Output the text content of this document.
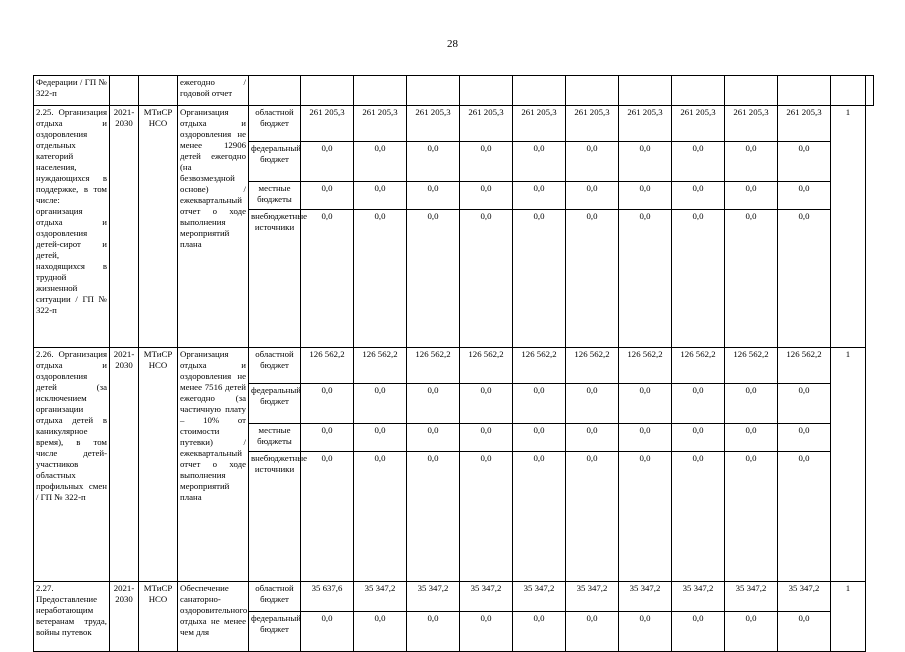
28
Федерации / ГП № 322-п			ежегодно / годовой отчет													
2.25. Организация отдыха и оздоровления отдельных категорий населения, нуждающихся в поддержке, в том числе: организация отдыха и оздоровления детей-сирот и детей, находящихся в трудной жизненной ситуации / ГП № 322-п	2021-2030	МТиСР НСО	Организация отдыха и оздоровления не менее 12906 детей ежегодно (на безвозмездной основе) / ежеквартальный отчет о ходе выполнения мероприятий плана	областной бюджет	261 205,3	261 205,3	261 205,3	261 205,3	261 205,3	261 205,3	261 205,3	261 205,3	261 205,3	261 205,3	1	
				федеральный бюджет	0,0	0,0	0,0	0,0	0,0	0,0	0,0	0,0	0,0	0,0		
				местные бюджеты	0,0	0,0	0,0	0,0	0,0	0,0	0,0	0,0	0,0	0,0		
				внебюджетные источники	0,0	0,0	0,0	0,0	0,0	0,0	0,0	0,0	0,0	0,0		
2.26. Организация отдыха и оздоровления детей (за исключением организации отдыха детей в каникулярное время), в том числе детей-участников областных профильных смен / ГП № 322-п	2021-2030	МТиСР НСО	Организация отдыха и оздоровления не менее 7516 детей ежегодно (за частичную плату – 10% от стоимости путевки) / ежеквартальный отчет о ходе выполнения мероприятий плана	областной бюджет	126 562,2	126 562,2	126 562,2	126 562,2	126 562,2	126 562,2	126 562,2	126 562,2	126 562,2	126 562,2	1	
				федеральный бюджет	0,0	0,0	0,0	0,0	0,0	0,0	0,0	0,0	0,0	0,0		
				местные бюджеты	0,0	0,0	0,0	0,0	0,0	0,0	0,0	0,0	0,0	0,0		
				внебюджетные источники	0,0	0,0	0,0	0,0	0,0	0,0	0,0	0,0	0,0	0,0		
2.27. Предоставление неработающим ветеранам труда, войны путевок	2021-2030	МТиСР НСО	Обеспечение санаторно-оздоровительного отдыха не менее чем для	областной бюджет	35 637,6	35 347,2	35 347,2	35 347,2	35 347,2	35 347,2	35 347,2	35 347,2	35 347,2	35 347,2	1	
				федеральный бюджет	0,0	0,0	0,0	0,0	0,0	0,0	0,0	0,0	0,0	0,0		
